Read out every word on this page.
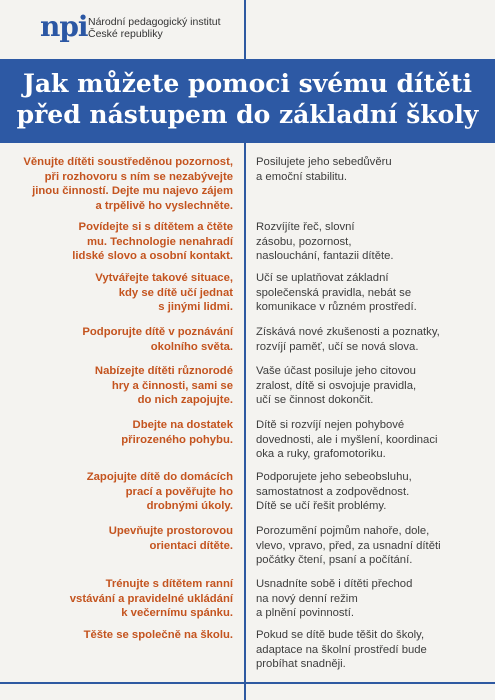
npi Národní pedagogický institut
České republiky
Jak můžete pomoci svému dítěti
před nástupem do základní školy
Věnujte dítěti soustředěnou pozornost,
při rozhovoru s ním se nezabývejte
jinou činností. Dejte mu najevo zájem
a trpělivě ho vyslechněte.
Posilujete jeho sebedůvěru
a emoční stabilitu.
Povídejte si s dítětem a čtěte
mu. Technologie nenahradí
lidské slovo a osobní kontakt.
Rozvíjíte řeč, slovní
zásobu, pozornost,
naslouchání, fantazii dítěte.
Vytvářejte takové situace,
kdy se dítě učí jednat
s jinými lidmi.
Učí se uplatňovat základní
společenská pravidla, nebát se
komunikace v různém prostředí.
Podporujte dítě v poznávání
okolního světa.
Získává nové zkušenosti a poznatky,
rozvíjí paměť, učí se nová slova.
Nabízejte dítěti různorodé
hry a činnosti, sami se
do nich zapojujte.
Vaše účast posiluje jeho citovou
zralost, dítě si osvojuje pravidla,
učí se činnost dokončit.
Dbejte na dostatek
přirozeného pohybu.
Dítě si rozvíjí nejen pohybové
dovednosti, ale i myšlení, koordinaci
oka a ruky, grafomotoriku.
Zapojujte dítě do domácích
prací a pověřujte ho
drobnými úkoly.
Podporujete jeho sebeobsluhu,
samostatnost a zodpovědnost.
Dítě se učí řešit problémy.
Upevňujte prostorovou
orientaci dítěte.
Porozumění pojmům nahoře, dole,
vlevo, vpravo, před, za usnadní dítěti
počátky čtení, psaní a počítání.
Trénujte s dítětem ranní
vstávání a pravidelné ukládání
k večernímu spánku.
Usnadníte sobě i dítěti přechod
na nový denní režim
a plnění povinností.
Těšte se společně na školu. Pokud se dítě bude těšit do školy,
adaptace na školní prostředí bude
probíhat snadněji.
